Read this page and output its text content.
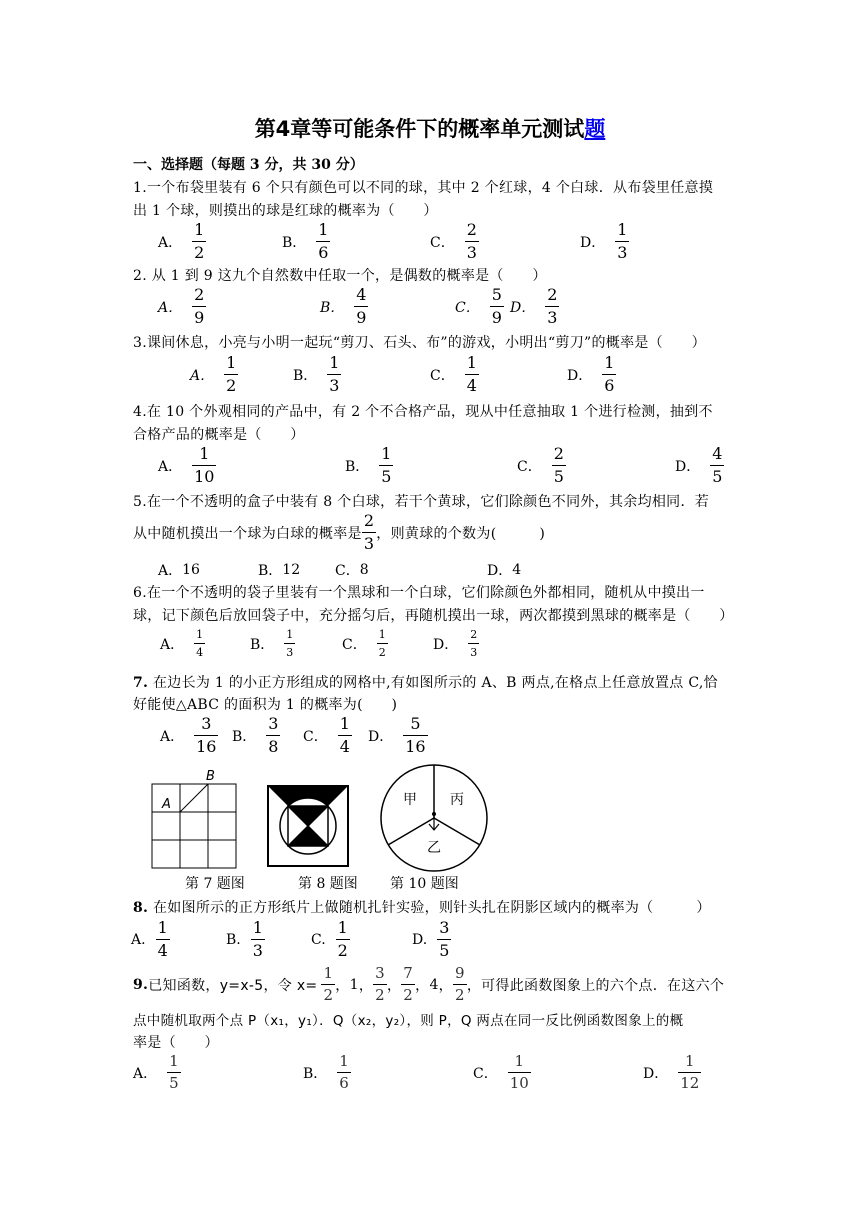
第4章等可能条件下的概率单元测试题
一、选择题（每题 3 分，共 30 分）
1.一个布袋里装有 6 个只有颜色可以不同的球，其中 2 个红球，4 个白球．从布袋里任意摸
出 1 个球，则摸出的球是红球的概率为（　　）
A． $\frac{1}{2}$	B． $\frac{1}{6}$	C． $\frac{2}{3}$	D． $\frac{1}{3}$
2. 从 1 到 9 这九个自然数中任取一个，是偶数的概率是（　　）
A． $\frac{2}{9}$	B． $\frac{4}{9}$	C． $\frac{5}{9}$ D． $\frac{2}{3}$
3.课间休息，小亮与小明一起玩“剪刀、石头、布”的游戏，小明出“剪刀”的概率是（　　）
A． $\frac{1}{2}$	B． $\frac{1}{3}$	C． $\frac{1}{4}$	D． $\frac{1}{6}$
4.在 10 个外观相同的产品中，有 2 个不合格产品，现从中任意抽取 1 个进行检测，抽到不
合格产品的概率是（　　）
A． $\frac{1}{10}$	B． $\frac{1}{5}$	C． $\frac{2}{5}$	D． $\frac{4}{5}$
5.在一个不透明的盒子中装有 8 个白球，若干个黄球，它们除颜色不同外，其余均相同．若
从中随机摸出一个球为白球的概率是 $\frac{2}{3}$ ，则黄球的个数为(　　　)
A． 16	B． 12 C． 8	D． 4
6.在一个不透明的袋子里装有一个黑球和一个白球，它们除颜色外都相同，随机从中摸出一
球，记下颜色后放回袋子中，充分摇匀后，再随机摸出一球，两次都摸到黑球的概率是（　　）
A． $\frac{1}{4}$	B． $\frac{1}{3}$	C． $\frac{1}{2}$	D． $\frac{2}{3}$
7. 在边长为 1 的小正方形组成的网格中,有如图所示的 A、B 两点,在格点上任意放置点 C,恰
好能使△ABC 的面积为 1 的概率为(　　)
A． $\frac{3}{16}$ B． $\frac{3}{8}$ C． $\frac{1}{4}$ D． $\frac{5}{16}$
A
B
甲 丙
乙
第 7 题图	第 8 题图 第 10 题图
8. 在如图所示的正方形纸片上做随机扎针实验，则针头扎在阴影区域内的概率为（　　　）
A. $\frac{1}{4}$	B. $\frac{1}{3}$	C. $\frac{1}{2}$	D. $\frac{3}{5}$
9. 已知函数，y=x-5，令 $x= \frac{1}{2}$ ， 1 ， $\frac{3}{2}$ ， $\frac{7}{2}$ ， 4 ， $\frac{9}{2}$ ，可得此函数图象上的六个点．在这六个
点中随机取两个点 P（x₁，y₁）．Q（x₂，y₂），则 P，Q 两点在同一反比例函数图象上的概
率是（　　）
A． $\frac{1}{5}$	B． $\frac{1}{6}$	C． $\frac{1}{10}$	D． $\frac{1}{12}$
